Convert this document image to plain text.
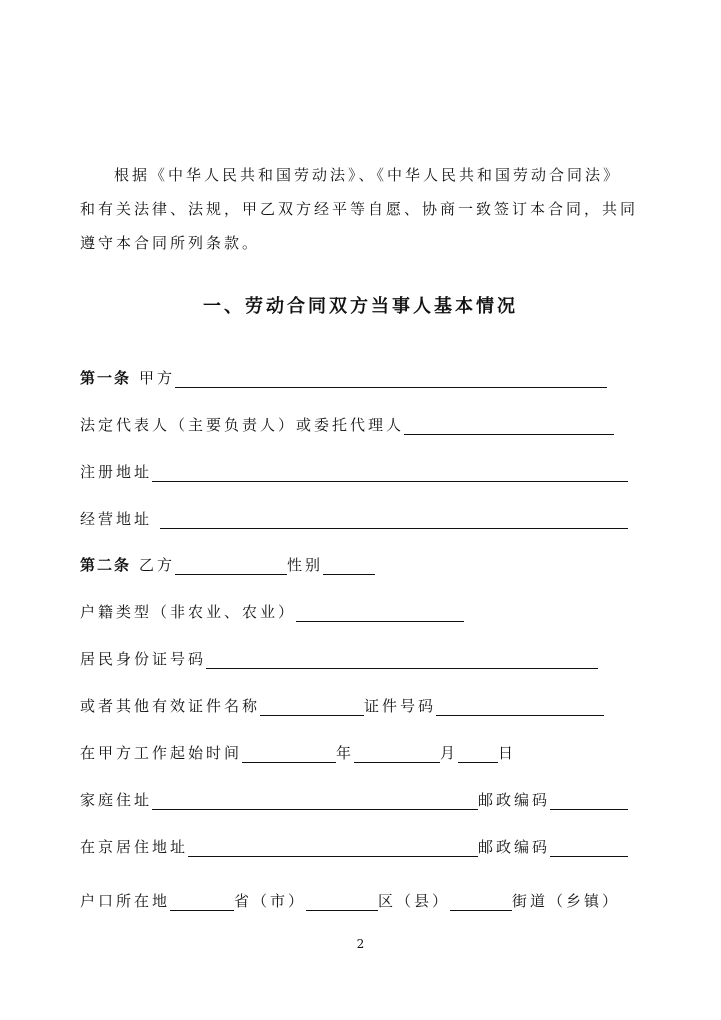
根据《中华人民共和国劳动法》、《中华人民共和国劳动合同法》
和有关法律、法规，甲乙双方经平等自愿、协商一致签订本合同，共同
遵守本合同所列条款。

一、劳动合同双方当事人基本情况
第一条 甲方
法定代表人（主要负责人）或委托代理人
注册地址
经营地址
第二条 乙方	性别
户籍类型（非农业、农业）
居民身份证号码
或者其他有效证件名称	证件号码
在甲方工作起始时间	年	月	日
家庭住址	邮政编码
在京居住地址	邮政编码
户口所在地	省（市）	区（县）	街道（乡镇）
2
